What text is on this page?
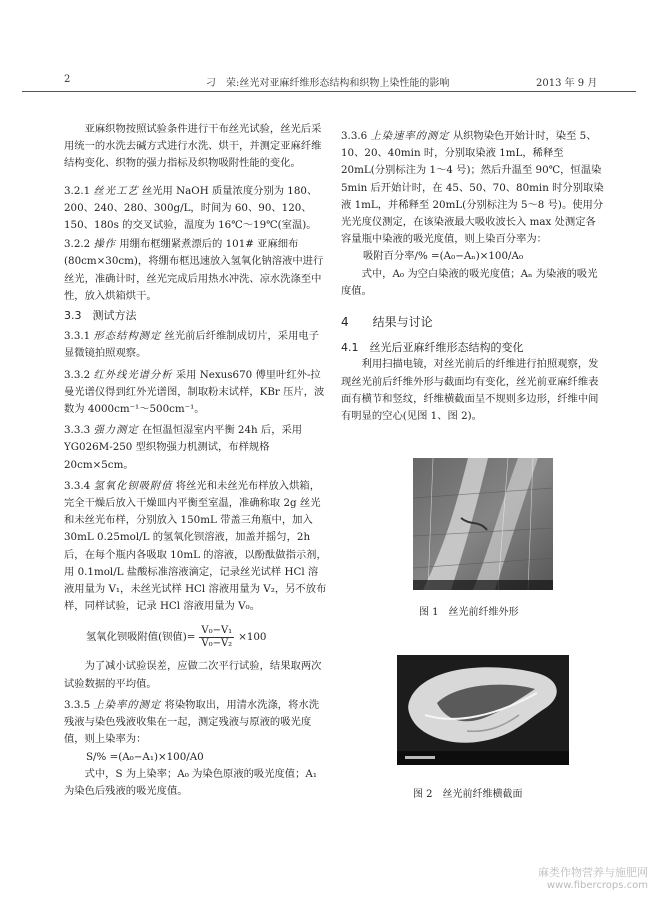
2	刁　荣:丝光对亚麻纤维形态结构和织物上染性能的影响	2013 年 9 月

亚麻织物按照试验条件进行干布丝光试验，丝光后采用统一的水洗去碱方式进行水洗、烘干，并测定亚麻纤维结构变化、织物的强力指标及织物吸附性能的变化。

3.2.1 丝光工艺 丝光用 NaOH 质量浓度分别为 180、200、240、280、300g/L，时间为 60、90、120、150、180s 的交叉试验，温度为 16℃～19℃(室温)。

3.2.2 操作 用绷布框绷紧煮漂后的 101# 亚麻细布(80cm×30cm)，将绷布框迅速放入氢氧化钠溶液中进行丝光，准确计时，丝光完成后用热水冲洗、凉水洗涤至中性，放入烘箱烘干。

3.3　测试方法

3.3.1 形态结构测定 丝光前后纤维制成切片，采用电子显微镜拍照观察。

3.3.2 红外线光谱分析 采用 Nexus670 傅里叶红外-拉曼光谱仪得到红外光谱图，制取粉末试样，KBr 压片，波数为 4000cm⁻¹～500cm⁻¹。

3.3.3 强力测定 在恒温恒湿室内平衡 24h 后，采用 YG026M-250 型织物强力机测试，布样规格 20cm×5cm。

3.3.4 氢氧化钡吸附值 将丝光和未丝光布样放入烘箱，完全干燥后放入干燥皿内平衡至室温，准确称取 2g 丝光和未丝光布样，分别放入 150mL 带盖三角瓶中，加入 30mL 0.25mol/L 的氢氧化钡溶液，加盖并摇匀，2h 后，在每个瓶内各吸取 10mL 的溶液，以酚酞做指示剂，用 0.1mol/L 盐酸标准溶液滴定，记录丝光试样 HCl 溶液用量为 V₁，未丝光试样 HCl 溶液用量为 V₂，另不放布样，同样试验，记录 HCl 溶液用量为 V₀。

氢氧化钡吸附值(钡值)= $\frac{\text{V₀−V₁}}{\text{V₀−V₂}} \times 100$

为了减小试验误差，应做二次平行试验，结果取两次试验数据的平均值。

3.3.5 上染率的测定 将染物取出，用清水洗涤，将水洗残液与染色残液收集在一起，测定残液与原液的吸光度值，则上染率为：

S/% =(A₀−A₁)×100/A0

式中，S 为上染率；A₀ 为染色原液的吸光度值；A₁ 为染色后残液的吸光度值。

3.3.6 上染速率的测定 从织物染色开始计时，染至 5、10、20、40min 时，分别取染液 1mL，稀释至 20mL(分别标注为 1～4 号)；然后升温至 90℃，恒温染 5min 后开始计时，在 45、50、70、80min 时分别取染液 1mL，并稀释至 20mL(分别标注为 5～8 号)。使用分光光度仪测定，在该染液最大吸收波长入 max 处测定各容量瓶中染液的吸光度值，则上染百分率为：

吸附百分率/% =(A₀−Aₙ)×100/A₀

式中，A₀ 为空白染液的吸光度值；Aₙ 为染液的吸光度值。

4　　结果与讨论

4.1　丝光后亚麻纤维形态结构的变化

利用扫描电镜，对丝光前后的纤维进行拍照观察，发现丝光前后纤维外形与截面均有变化，丝光前亚麻纤维表面有横节和竖纹，纤维横截面呈不规则多边形，纤维中间有明显的空心(见图 1、图 2)。

图 1　丝光前纤维外形
图 2　丝光前纤维横截面
麻类作物营养与施肥网
www.fibercrops.com
